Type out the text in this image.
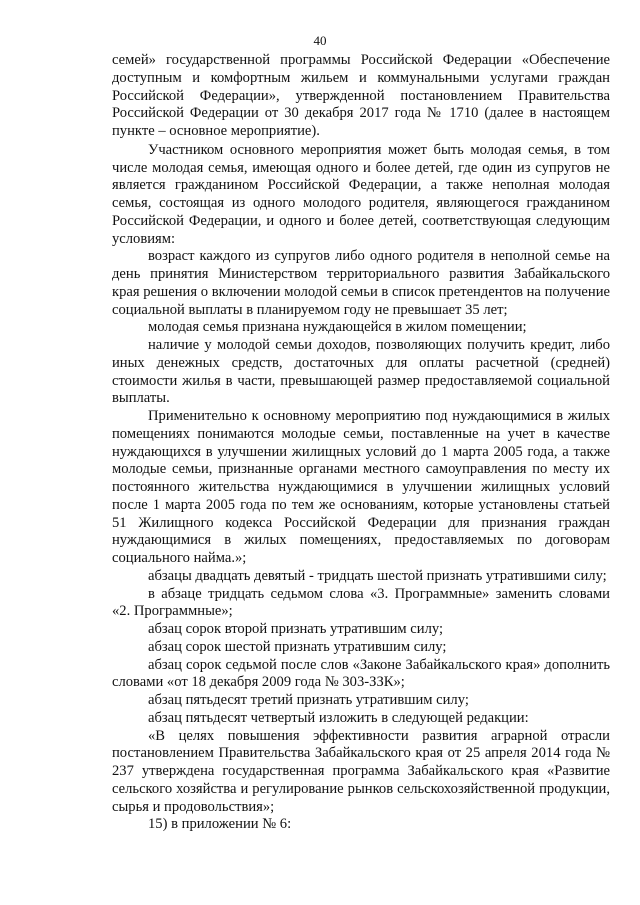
40

семей» государственной программы Российской Федерации «Обеспечение доступным и комфортным жильем и коммунальными услугами граждан Российской Федерации», утвержденной постановлением Правительства Российской Федерации от 30 декабря 2017 года № 1710 (далее в настоящем пункте – основное мероприятие).

Участником основного мероприятия может быть молодая семья, в том числе молодая семья, имеющая одного и более детей, где один из супругов не является гражданином Российской Федерации, а также неполная молодая семья, состоящая из одного молодого родителя, являющегося гражданином Российской Федерации, и одного и более детей, соответствующая следующим условиям:

возраст каждого из супругов либо одного родителя в неполной семье на день принятия Министерством территориального развития Забайкальского края решения о включении молодой семьи в список претендентов на получение социальной выплаты в планируемом году не превышает 35 лет;

молодая семья признана нуждающейся в жилом помещении;

наличие у молодой семьи доходов, позволяющих получить кредит, либо иных денежных средств, достаточных для оплаты расчетной (средней) стоимости жилья в части, превышающей размер предоставляемой социальной выплаты.

Применительно к основному мероприятию под нуждающимися в жилых помещениях понимаются молодые семьи, поставленные на учет в качестве нуждающихся в улучшении жилищных условий до 1 марта 2005 года, а также молодые семьи, признанные органами местного самоуправления по месту их постоянного жительства нуждающимися в улучшении жилищных условий после 1 марта 2005 года по тем же основаниям, которые установлены статьей 51 Жилищного кодекса Российской Федерации для признания граждан нуждающимися в жилых помещениях, предоставляемых по договорам социального найма.»;

абзацы двадцать девятый - тридцать шестой признать утратившими силу;

в абзаце тридцать седьмом слова «3. Программные» заменить словами «2. Программные»;

абзац сорок второй признать утратившим силу;

абзац сорок шестой признать утратившим силу;

абзац сорок седьмой после слов «Законе Забайкальского края» дополнить словами «от 18 декабря 2009 года № 303-ЗЗК»;

абзац пятьдесят третий признать утратившим силу;

абзац пятьдесят четвертый изложить в следующей редакции:

«В целях повышения эффективности развития аграрной отрасли постановлением Правительства Забайкальского края от 25 апреля 2014 года № 237 утверждена государственная программа Забайкальского края «Развитие сельского хозяйства и регулирование рынков сельскохозяйственной продукции, сырья и продовольствия»;

15) в приложении № 6:
